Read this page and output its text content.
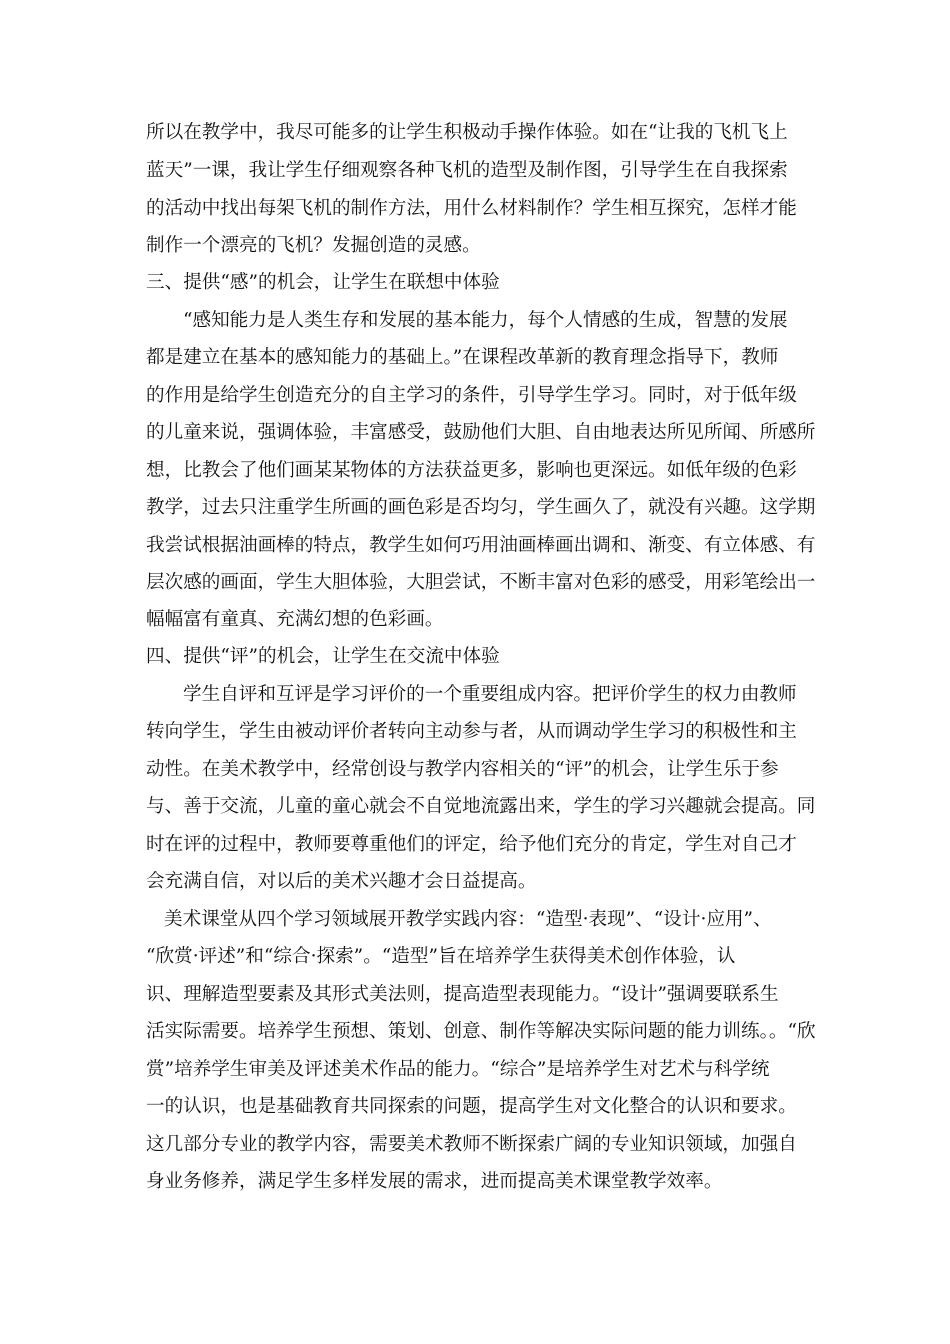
所以在教学中，我尽可能多的让学生积极动手操作体验。如在“让我的飞机飞上
蓝天”一课，我让学生仔细观察各种飞机的造型及制作图，引导学生在自我探索
的活动中找出每架飞机的制作方法，用什么材料制作？学生相互探究，怎样才能
制作一个漂亮的飞机？发掘创造的灵感。
三、提供“感”的机会，让学生在联想中体验
“感知能力是人类生存和发展的基本能力，每个人情感的生成，智慧的发展
都是建立在基本的感知能力的基础上。”在课程改革新的教育理念指导下，教师
的作用是给学生创造充分的自主学习的条件，引导学生学习。同时，对于低年级
的儿童来说，强调体验，丰富感受，鼓励他们大胆、自由地表达所见所闻、所感所
想，比教会了他们画某某物体的方法获益更多，影响也更深远。如低年级的色彩
教学，过去只注重学生所画的画色彩是否均匀，学生画久了，就没有兴趣。这学期
我尝试根据油画棒的特点，教学生如何巧用油画棒画出调和、渐变、有立体感、有
层次感的画面，学生大胆体验，大胆尝试，不断丰富对色彩的感受，用彩笔绘出一
幅幅富有童真、充满幻想的色彩画。
四、提供“评”的机会，让学生在交流中体验
学生自评和互评是学习评价的一个重要组成内容。把评价学生的权力由教师
转向学生，学生由被动评价者转向主动参与者，从而调动学生学习的积极性和主
动性。在美术教学中，经常创设与教学内容相关的“评”的机会，让学生乐于参
与、善于交流，儿童的童心就会不自觉地流露出来，学生的学习兴趣就会提高。同
时在评的过程中，教师要尊重他们的评定，给予他们充分的肯定，学生对自己才
会充满自信，对以后的美术兴趣才会日益提高。
美术课堂从四个学习领域展开教学实践内容：“造型·表现”、“设计·应用”、
“欣赏·评述”和“综合·探索”。“造型”旨在培养学生获得美术创作体验，认
识、理解造型要素及其形式美法则，提高造型表现能力。“设计”强调要联系生
活实际需要。培养学生预想、策划、创意、制作等解决实际问题的能力训练。。“欣
赏”培养学生审美及评述美术作品的能力。“综合”是培养学生对艺术与科学统
一的认识，也是基础教育共同探索的问题，提高学生对文化整合的认识和要求。
这几部分专业的教学内容，需要美术教师不断探索广阔的专业知识领域，加强自
身业务修养，满足学生多样发展的需求，进而提高美术课堂教学效率。
